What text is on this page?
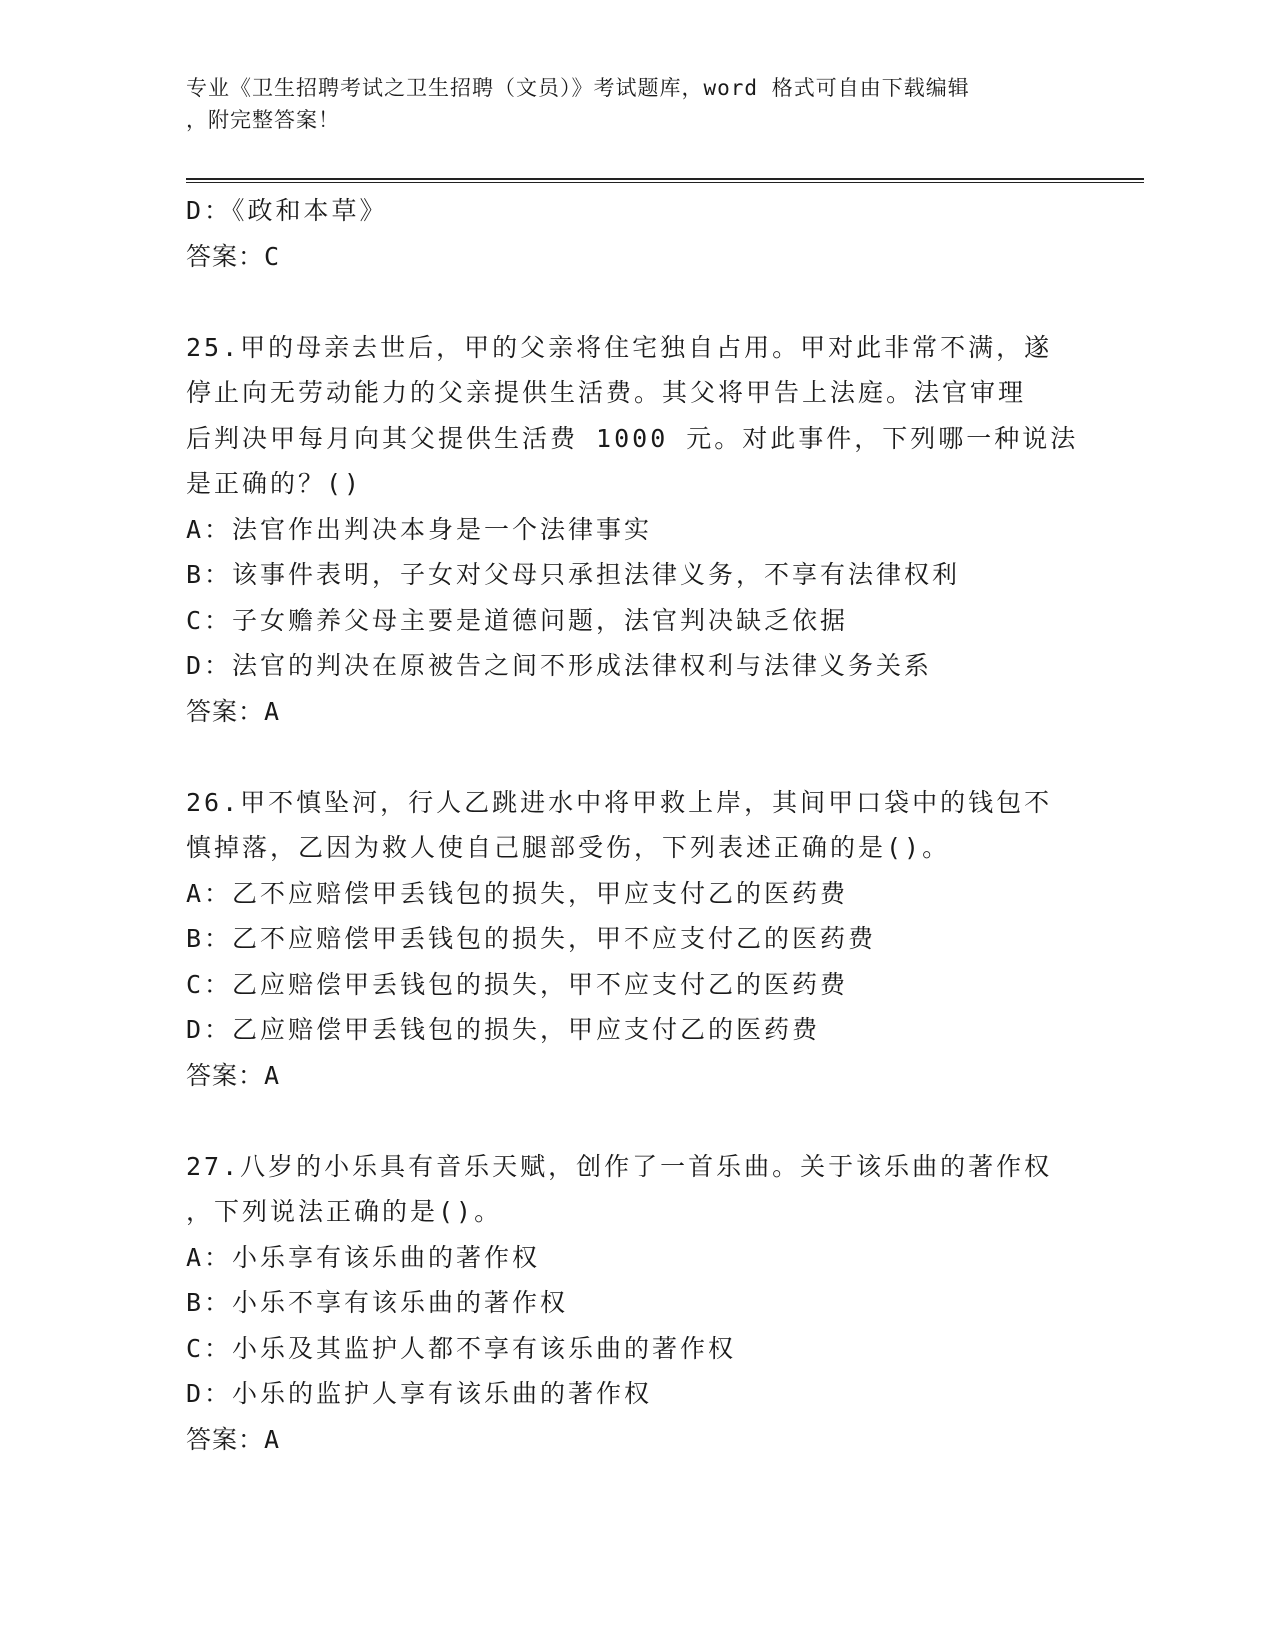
专业《卫生招聘考试之卫生招聘（文员）》考试题库，word 格式可自由下载编辑
，附完整答案！
D：《政和本草》
答案：C
25.甲的母亲去世后，甲的父亲将住宅独自占用。甲对此非常不满，遂
停止向无劳动能力的父亲提供生活费。其父将甲告上法庭。法官审理
后判决甲每月向其父提供生活费 1000 元。对此事件，下列哪一种说法
是正确的？()
A：法官作出判决本身是一个法律事实
B：该事件表明，子女对父母只承担法律义务，不享有法律权利
C：子女赡养父母主要是道德问题，法官判决缺乏依据
D：法官的判决在原被告之间不形成法律权利与法律义务关系
答案：A
26.甲不慎坠河，行人乙跳进水中将甲救上岸，其间甲口袋中的钱包不
慎掉落，乙因为救人使自己腿部受伤，下列表述正确的是()。
A：乙不应赔偿甲丢钱包的损失，甲应支付乙的医药费
B：乙不应赔偿甲丢钱包的损失，甲不应支付乙的医药费
C：乙应赔偿甲丢钱包的损失，甲不应支付乙的医药费
D：乙应赔偿甲丢钱包的损失，甲应支付乙的医药费
答案：A
27.八岁的小乐具有音乐天赋，创作了一首乐曲。关于该乐曲的著作权
，下列说法正确的是()。
A：小乐享有该乐曲的著作权
B：小乐不享有该乐曲的著作权
C：小乐及其监护人都不享有该乐曲的著作权
D：小乐的监护人享有该乐曲的著作权
答案：A
